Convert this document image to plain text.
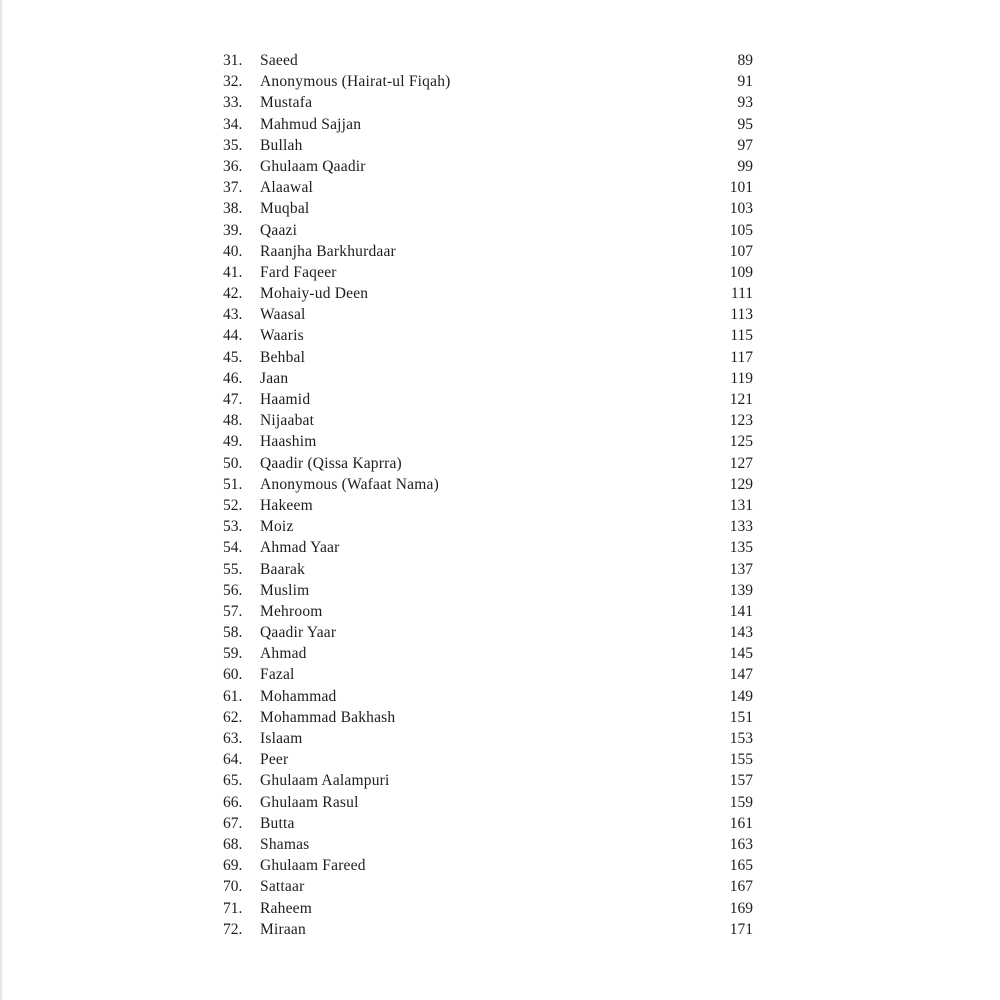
31.	Saeed	89
32.	Anonymous (Hairat-ul Fiqah)	91
33.	Mustafa	93
34.	Mahmud Sajjan	95
35.	Bullah	97
36.	Ghulaam Qaadir	99
37.	Alaawal	101
38.	Muqbal	103
39.	Qaazi	105
40.	Raanjha Barkhurdaar	107
41.	Fard Faqeer	109
42.	Mohaiy-ud Deen	111
43.	Waasal	113
44.	Waaris	115
45.	Behbal	117
46.	Jaan	119
47.	Haamid	121
48.	Nijaabat	123
49.	Haashim	125
50.	Qaadir (Qissa Kaprra)	127
51.	Anonymous (Wafaat Nama)	129
52.	Hakeem	131
53.	Moiz	133
54.	Ahmad Yaar	135
55.	Baarak	137
56.	Muslim	139
57.	Mehroom	141
58.	Qaadir Yaar	143
59.	Ahmad	145
60.	Fazal	147
61.	Mohammad	149
62.	Mohammad Bakhash	151
63.	Islaam	153
64.	Peer	155
65.	Ghulaam Aalampuri	157
66.	Ghulaam Rasul	159
67.	Butta	161
68.	Shamas	163
69.	Ghulaam Fareed	165
70.	Sattaar	167
71.	Raheem	169
72.	Miraan	171
